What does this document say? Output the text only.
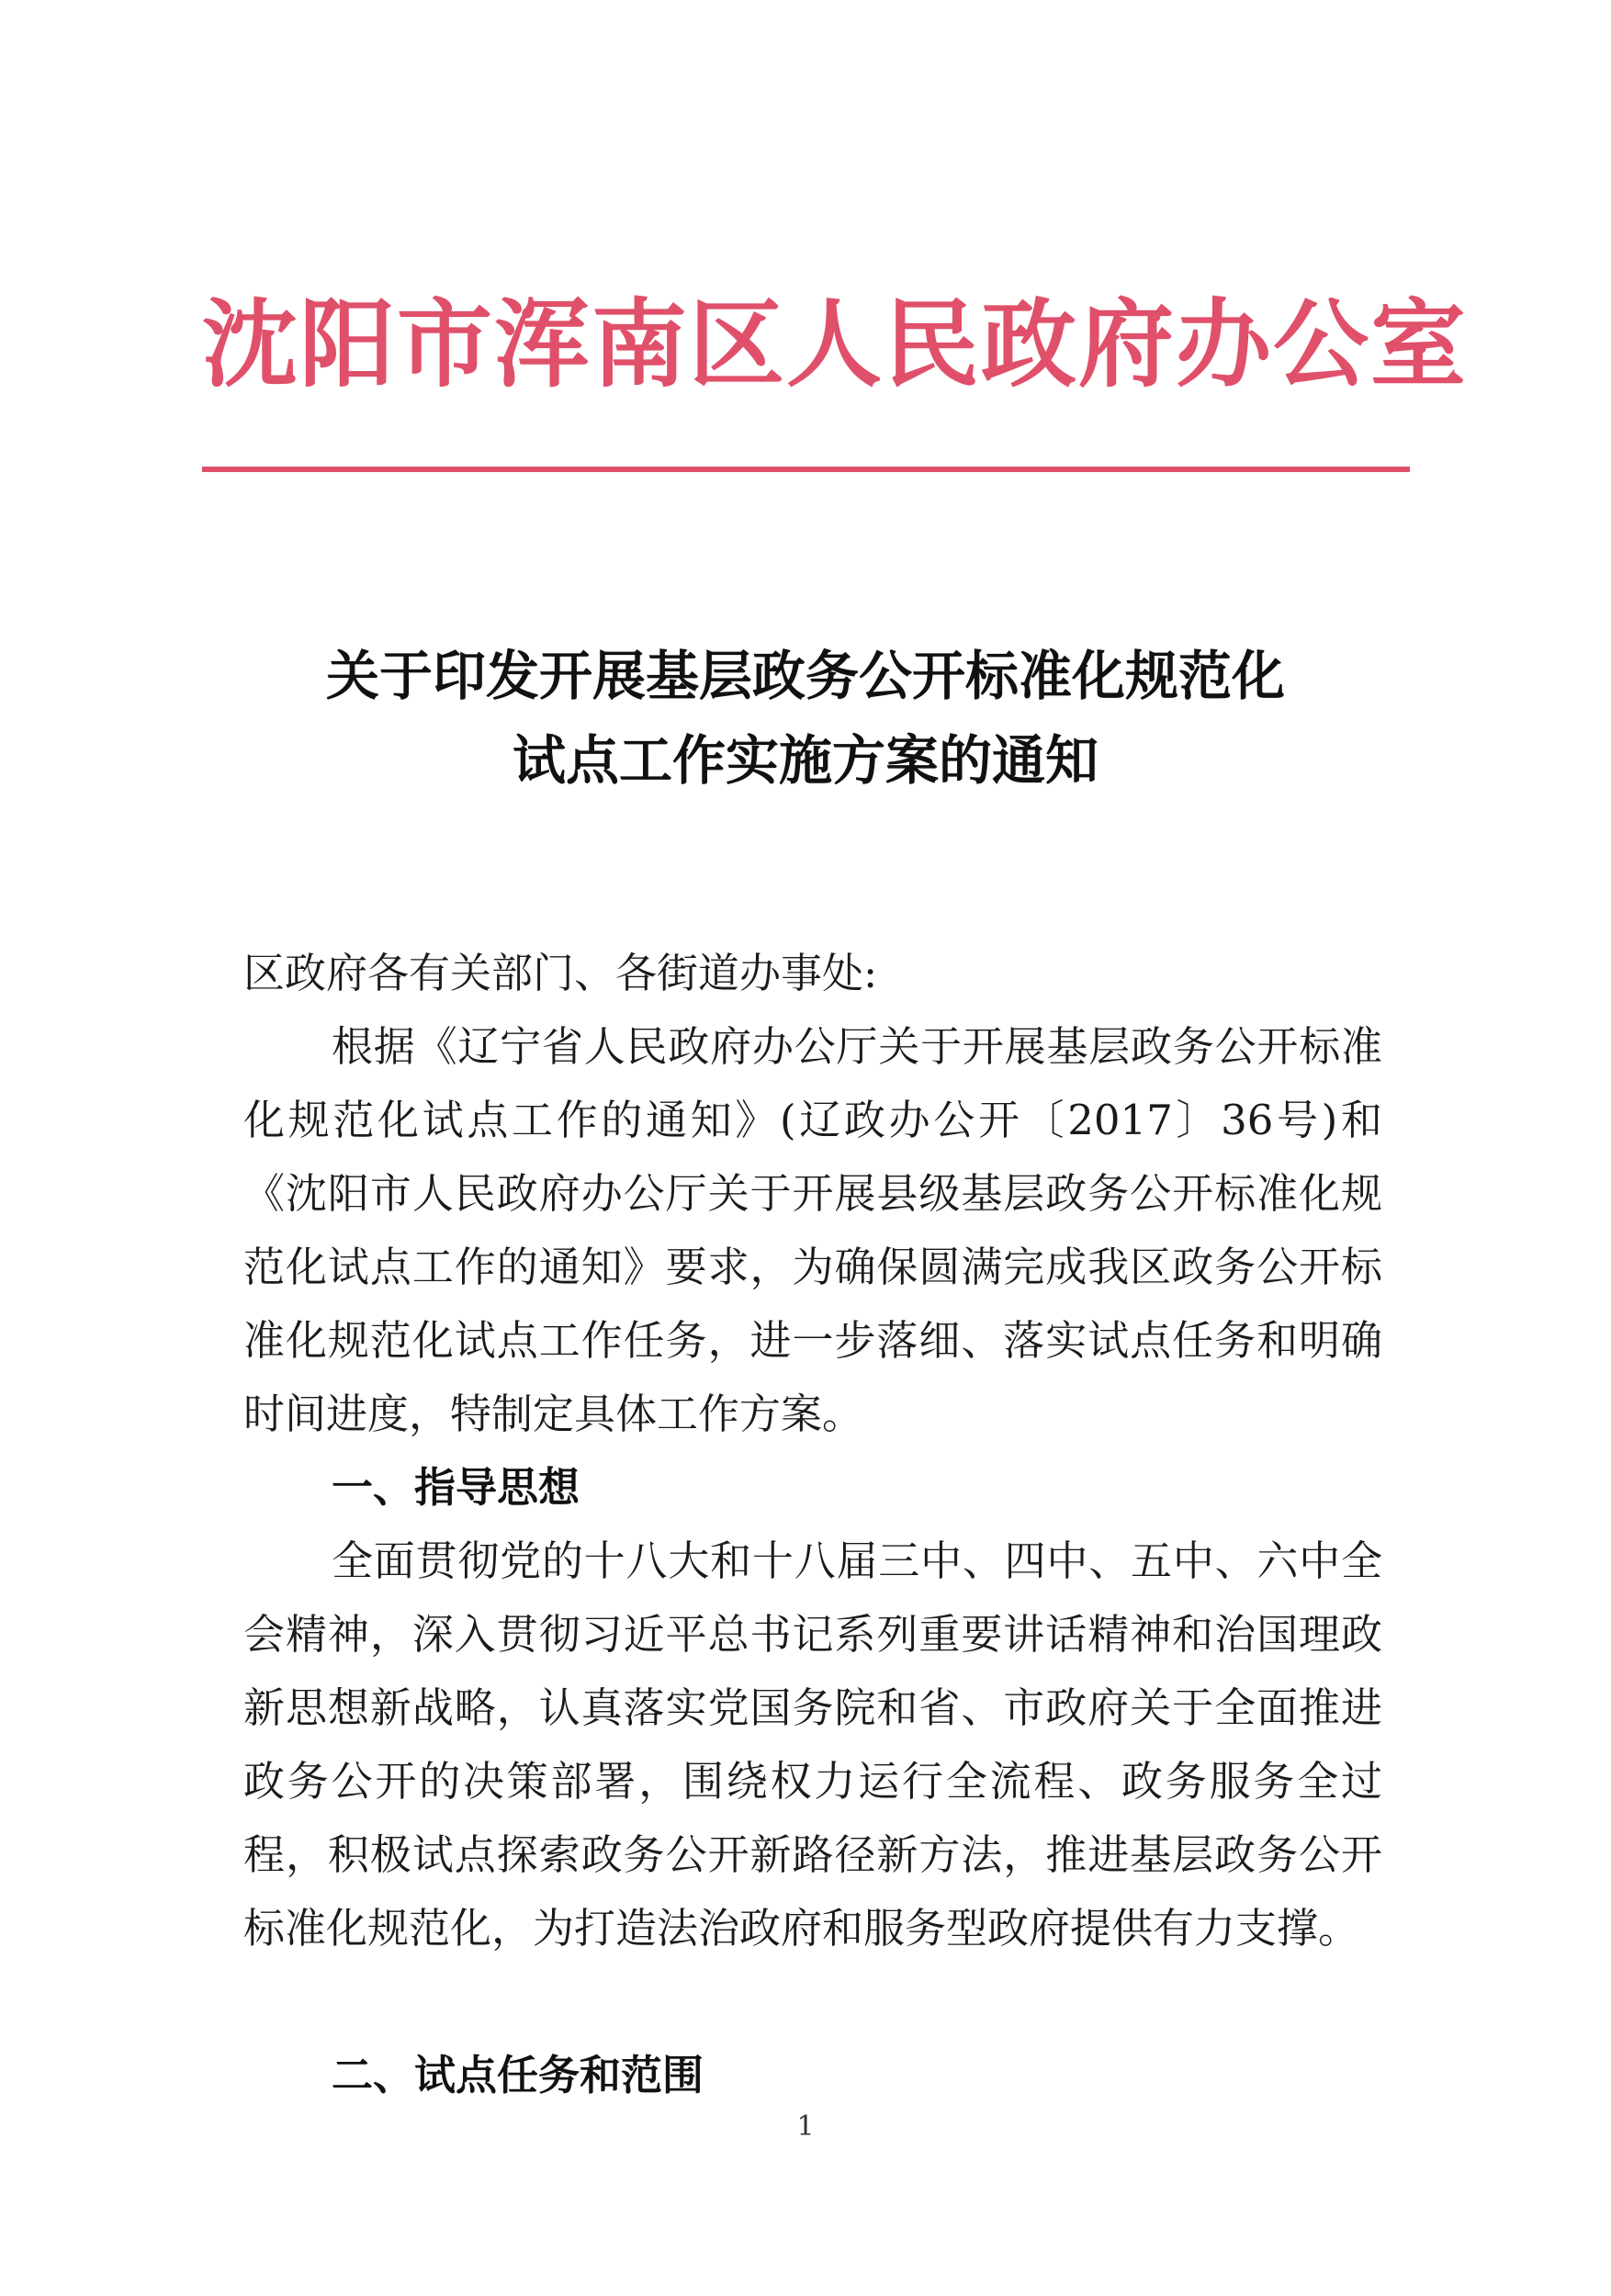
沈阳市浑南区人民政府办公室
关于印发开展基层政务公开标准化规范化
试点工作实施方案的通知
区政府各有关部门、各街道办事处:

根据《辽宁省人民政府办公厅关于开展基层政务公开标准化规范化试点工作的通知》(辽政办公开〔2017〕36号)和《沈阳市人民政府办公厅关于开展县级基层政务公开标准化规范化试点工作的通知》要求，为确保圆满完成我区政务公开标准化规范化试点工作任务，进一步落细、落实试点任务和明确时间进度，特制定具体工作方案。

一、指导思想

全面贯彻党的十八大和十八届三中、四中、五中、六中全会精神，深入贯彻习近平总书记系列重要讲话精神和治国理政新思想新战略，认真落实党国务院和省、市政府关于全面推进政务公开的决策部署，围绕权力运行全流程、政务服务全过程，积极试点探索政务公开新路径新方法，推进基层政务公开标准化规范化，为打造法治政府和服务型政府提供有力支撑。

二、试点任务和范围
1
